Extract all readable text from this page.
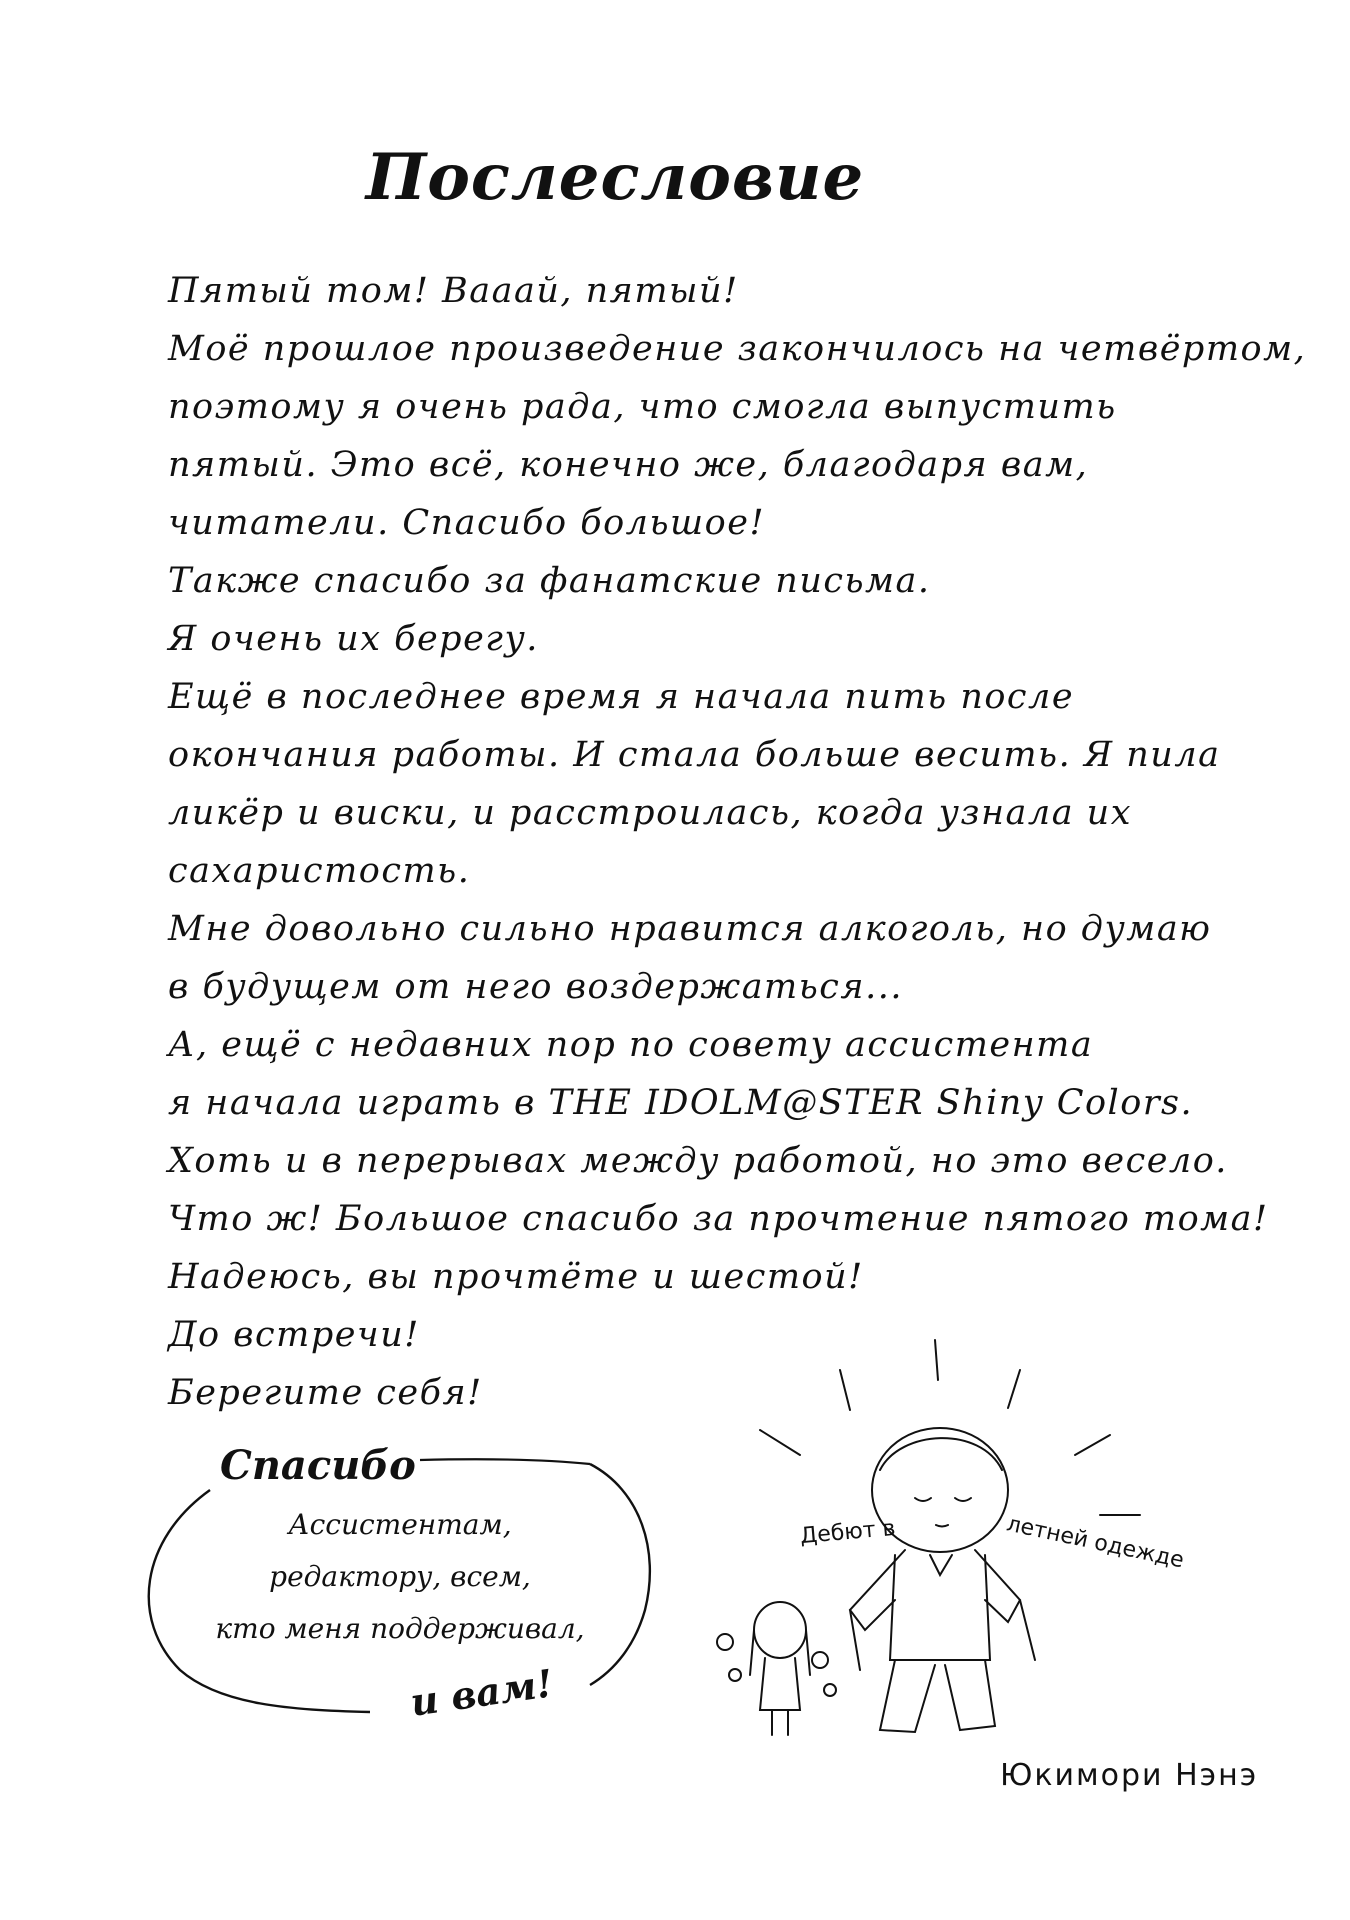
Послесловие
Пятый том! Вааай, пятый!
Моё прошлое произведение закончилось на четвёртом,
поэтому я очень рада, что смогла выпустить
пятый. Это всё, конечно же, благодаря вам,
читатели. Спасибо большое!
Также спасибо за фанатские письма.
Я очень их берегу.
Ещё в последнее время я начала пить после
окончания работы. И стала больше весить. Я пила
ликёр и виски, и расстроилась, когда узнала их
сахаристость.
Мне довольно сильно нравится алкоголь, но думаю
в будущем от него воздержаться...
А, ещё с недавних пор по совету ассистента
я начала играть в THE IDOLM@STER Shiny Colors.
Хоть и в перерывах между работой, но это весело.
Что ж! Большое спасибо за прочтение пятого тома!
Надеюсь, вы прочтёте и шестой!
До встречи!
Берегите себя!
Спасибо
Ассистентам,
редактору, всем,
кто меня поддерживал,
и вам!
Дебют в	летней одежде
Юкимори Нэнэ
